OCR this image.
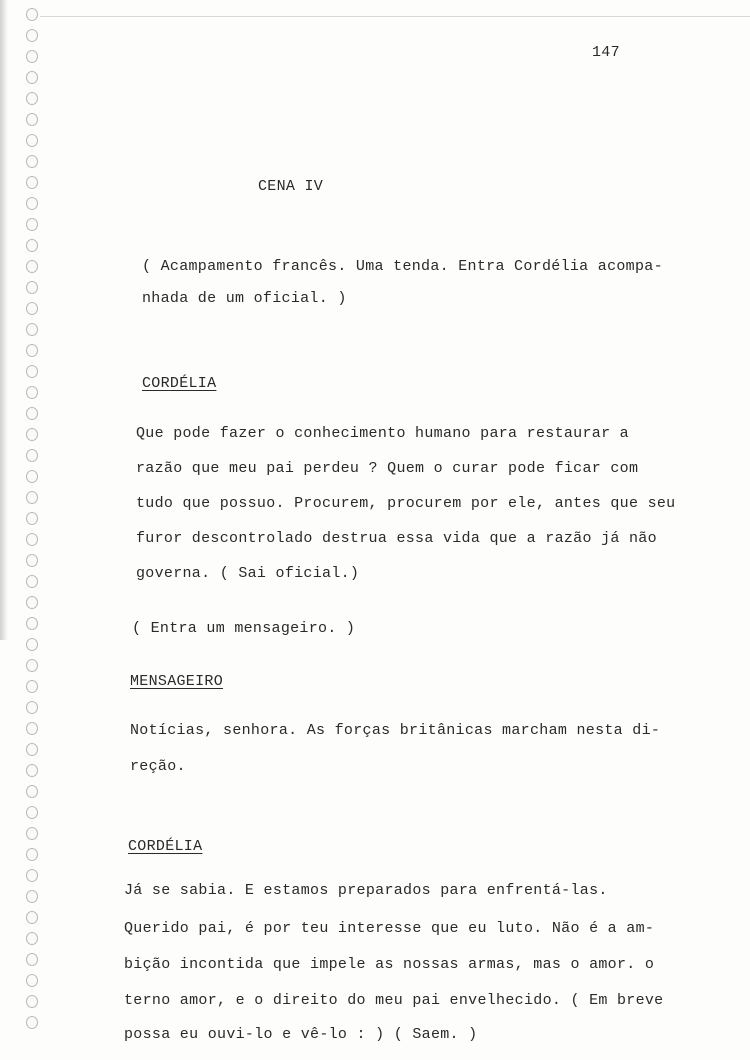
147
CENA IV
( Acampamento francês. Uma tenda. Entra Cordélia acompa-
nhada de um oficial. )
CORDÉLIA
Que pode fazer o conhecimento humano para restaurar a
razão que meu pai perdeu ? Quem o curar pode ficar com
tudo que possuo. Procurem, procurem por ele, antes que seu
furor descontrolado destrua essa vida que a razão já não
governa. ( Sai oficial.)
( Entra um mensageiro. )
MENSAGEIRO
Notícias, senhora. As forças britânicas marcham nesta di-
reção.
CORDÉLIA
Já se sabia. E estamos preparados para enfrentá-las.
Querido pai, é por teu interesse que eu luto. Não é a am-
bição incontida que impele as nossas armas, mas o amor. o
terno amor, e o direito do meu pai envelhecido. ( Em breve
possa eu ouvi-lo e vê-lo : ) ( Saem. )
